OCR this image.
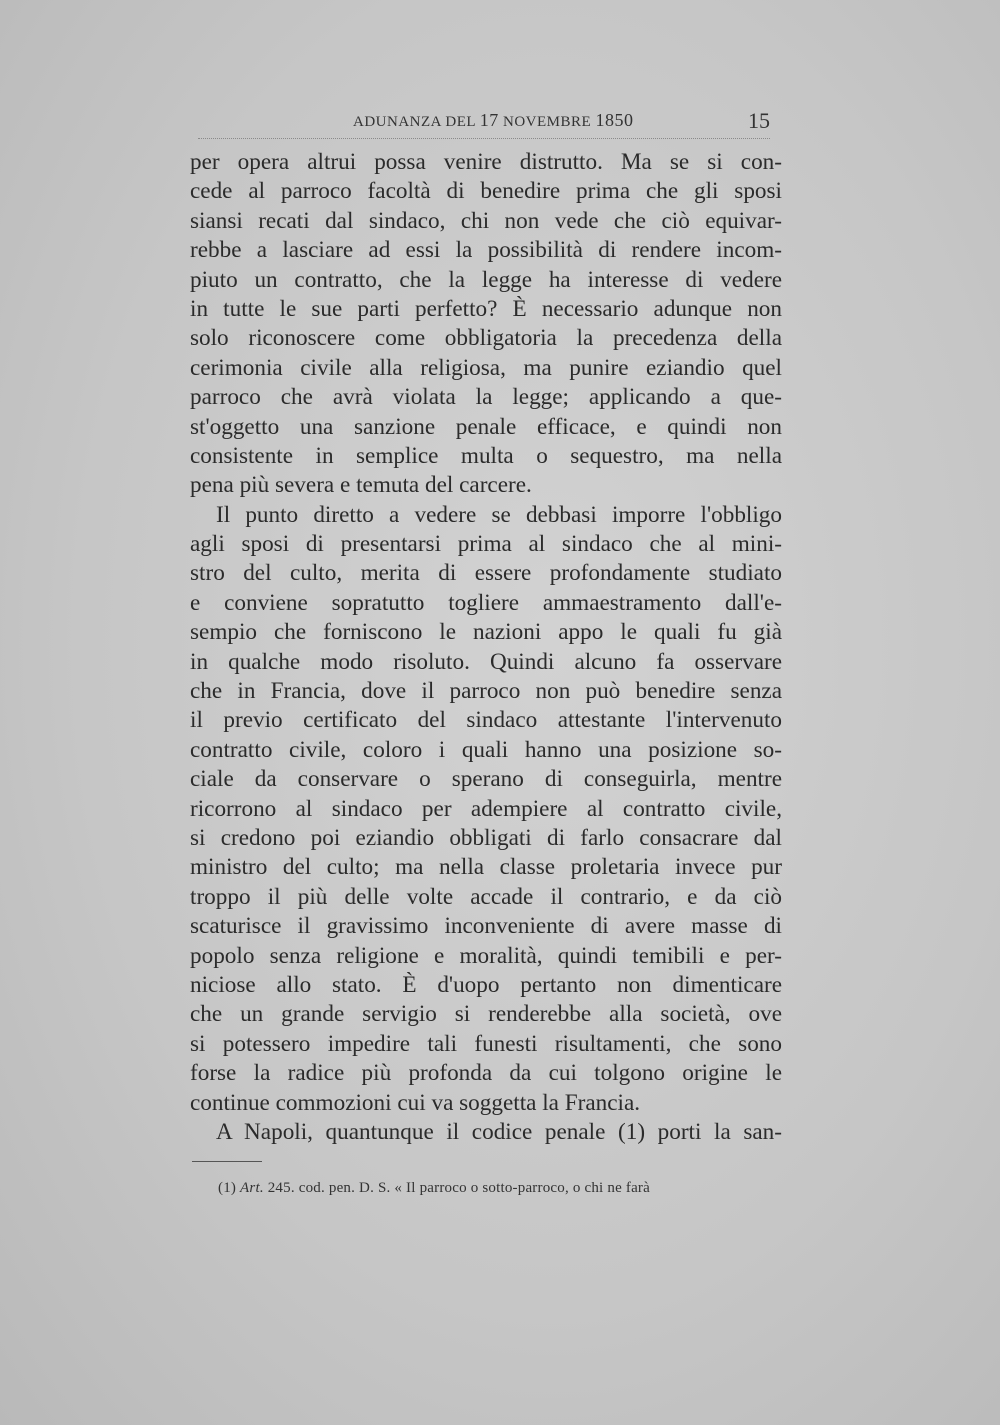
ADUNANZA DEL 17 NOVEMBRE 1850	15
per opera altrui possa venire distrutto. Ma se si con-
cede al parroco facoltà di benedire prima che gli sposi
siansi recati dal sindaco, chi non vede che ciò equivar-
rebbe a lasciare ad essi la possibilità di rendere incom-
piuto un contratto, che la legge ha interesse di vedere
in tutte le sue parti perfetto? È necessario adunque non
solo riconoscere come obbligatoria la precedenza della
cerimonia civile alla religiosa, ma punire eziandio quel
parroco che avrà violata la legge; applicando a que-
st'oggetto una sanzione penale efficace, e quindi non
consistente in semplice multa o sequestro, ma nella
pena più severa e temuta del carcere.
Il punto diretto a vedere se debbasi imporre l'obbligo
agli sposi di presentarsi prima al sindaco che al mini-
stro del culto, merita di essere profondamente studiato
e conviene sopratutto togliere ammaestramento dall'e-
sempio che forniscono le nazioni appo le quali fu già
in qualche modo risoluto. Quindi alcuno fa osservare
che in Francia, dove il parroco non può benedire senza
il previo certificato del sindaco attestante l'intervenuto
contratto civile, coloro i quali hanno una posizione so-
ciale da conservare o sperano di conseguirla, mentre
ricorrono al sindaco per adempiere al contratto civile,
si credono poi eziandio obbligati di farlo consacrare dal
ministro del culto; ma nella classe proletaria invece pur
troppo il più delle volte accade il contrario, e da ciò
scaturisce il gravissimo inconveniente di avere masse di
popolo senza religione e moralità, quindi temibili e per-
niciose allo stato. È d'uopo pertanto non dimenticare
che un grande servigio si renderebbe alla società, ove
si potessero impedire tali funesti risultamenti, che sono
forse la radice più profonda da cui tolgono origine le
continue commozioni cui va soggetta la Francia.
A Napoli, quantunque il codice penale (1) porti la san-
(1) Art. 245. cod. pen. D. S. « Il parroco o sotto-parroco, o chi ne farà
